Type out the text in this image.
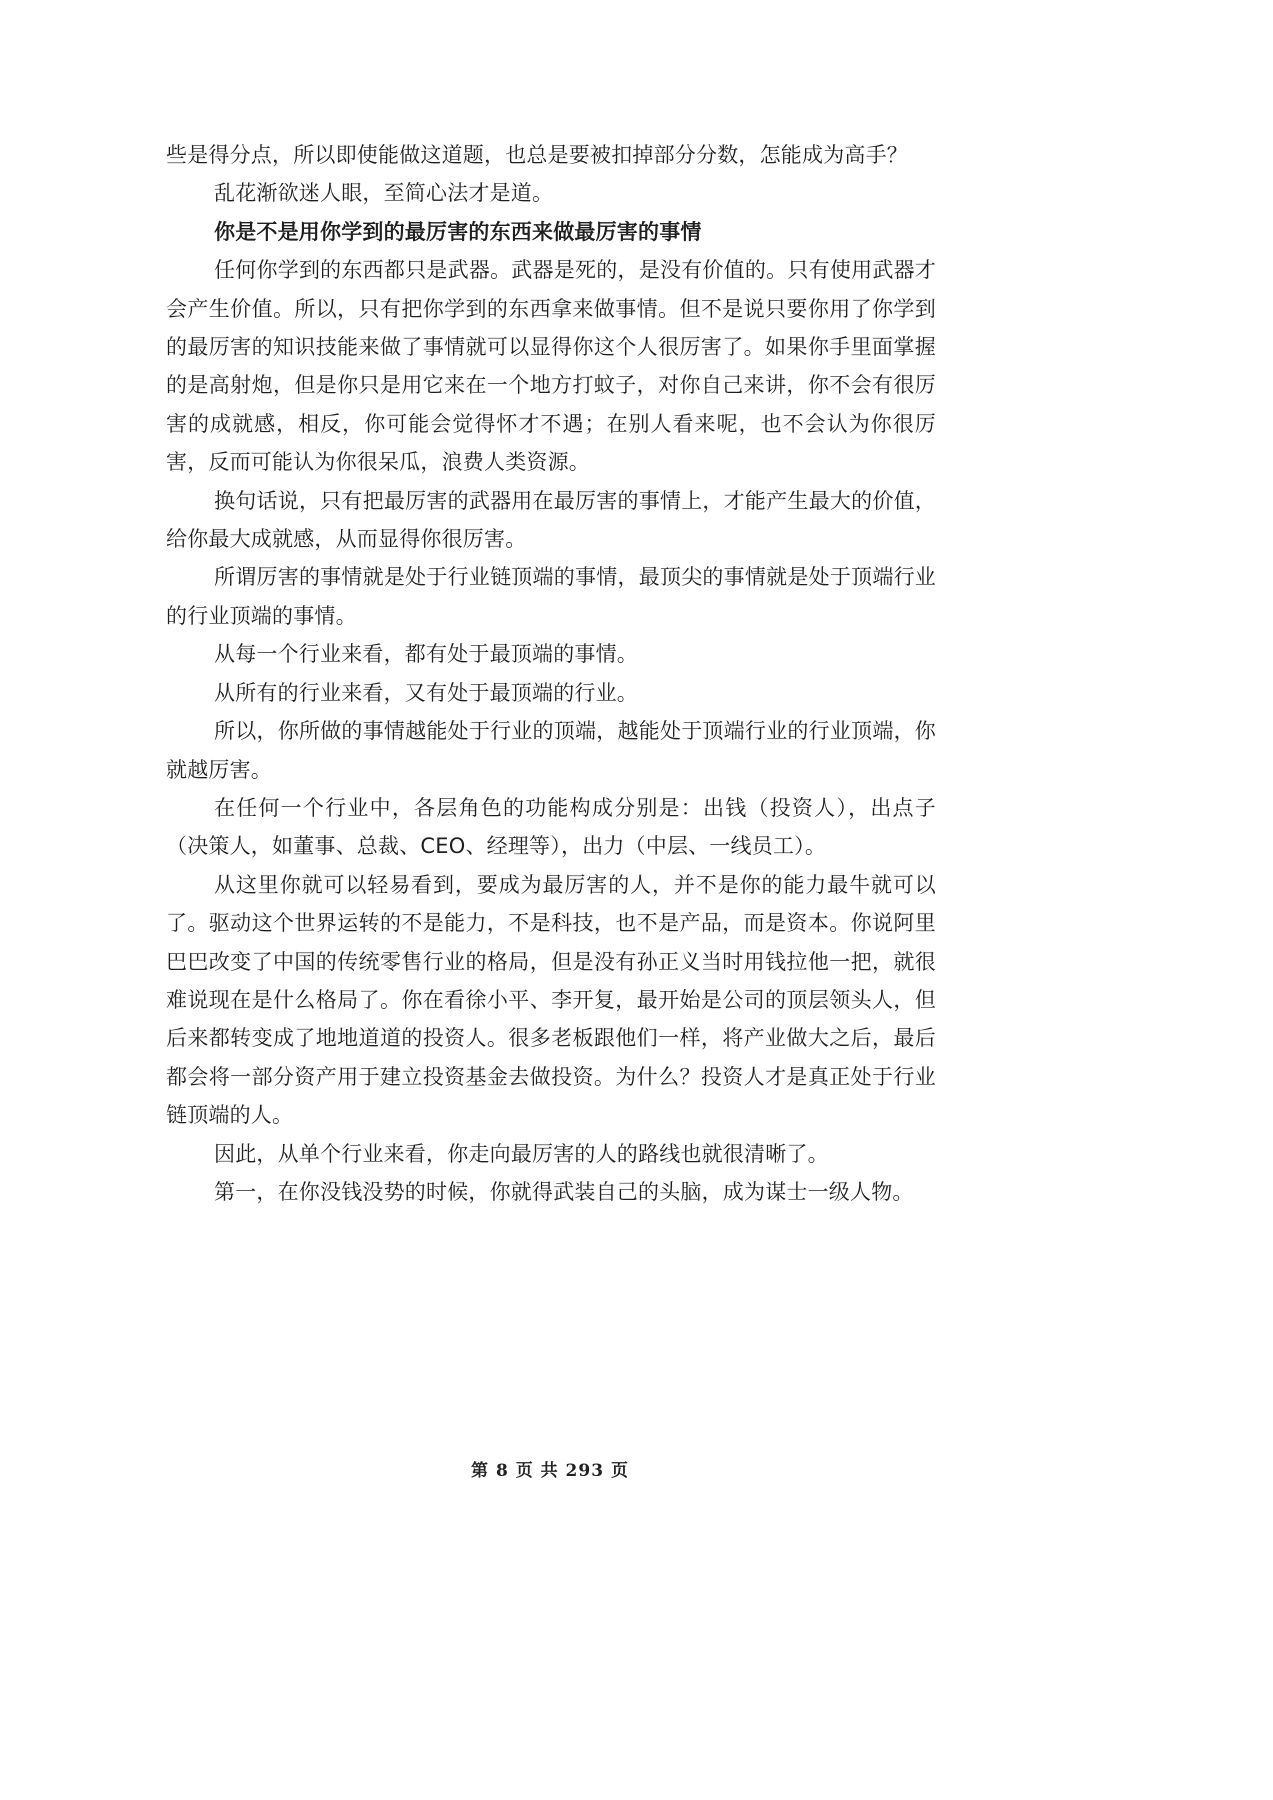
些是得分点，所以即使能做这道题，也总是要被扣掉部分分数，怎能成为高手？

乱花渐欲迷人眼，至简心法才是道。

你是不是用你学到的最厉害的东西来做最厉害的事情

任何你学到的东西都只是武器。武器是死的，是没有价值的。只有使用武器才会产生价值。所以，只有把你学到的东西拿来做事情。但不是说只要你用了你学到的最厉害的知识技能来做了事情就可以显得你这个人很厉害了。如果你手里面掌握的是高射炮，但是你只是用它来在一个地方打蚊子，对你自己来讲，你不会有很厉害的成就感，相反，你可能会觉得怀才不遇；在别人看来呢，也不会认为你很厉害，反而可能认为你很呆瓜，浪费人类资源。

换句话说，只有把最厉害的武器用在最厉害的事情上，才能产生最大的价值，给你最大成就感，从而显得你很厉害。

所谓厉害的事情就是处于行业链顶端的事情，最顶尖的事情就是处于顶端行业的行业顶端的事情。

从每一个行业来看，都有处于最顶端的事情。

从所有的行业来看，又有处于最顶端的行业。

所以，你所做的事情越能处于行业的顶端，越能处于顶端行业的行业顶端，你就越厉害。

在任何一个行业中，各层角色的功能构成分别是：出钱（投资人），出点子（决策人，如董事、总裁、CEO、经理等），出力（中层、一线员工）。

从这里你就可以轻易看到，要成为最厉害的人，并不是你的能力最牛就可以了。驱动这个世界运转的不是能力，不是科技，也不是产品，而是资本。你说阿里巴巴改变了中国的传统零售行业的格局，但是没有孙正义当时用钱拉他一把，就很难说现在是什么格局了。你在看徐小平、李开复，最开始是公司的顶层领头人，但后来都转变成了地地道道的投资人。很多老板跟他们一样，将产业做大之后，最后都会将一部分资产用于建立投资基金去做投资。为什么？投资人才是真正处于行业链顶端的人。

因此，从单个行业来看，你走向最厉害的人的路线也就很清晰了。

第一，在你没钱没势的时候，你就得武装自己的头脑，成为谋士一级人物。

第 8 页 共 293 页
